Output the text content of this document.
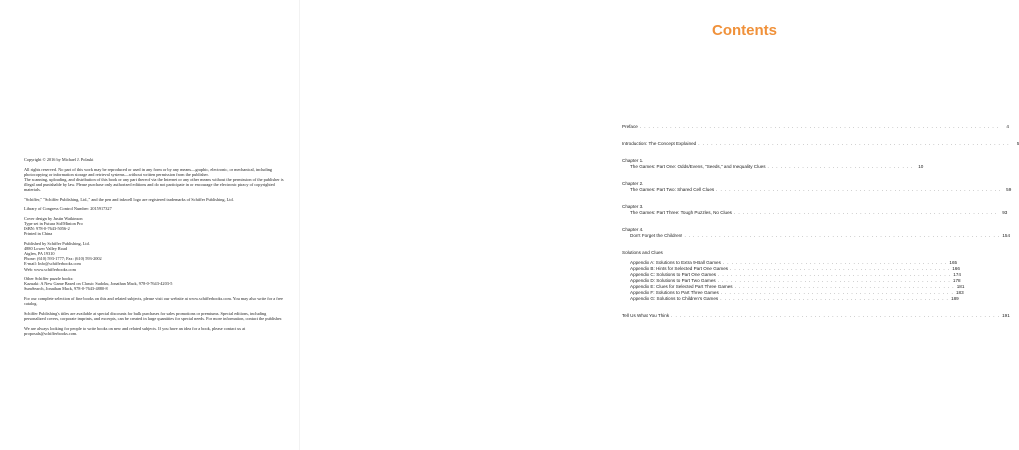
Copyright © 2016 by Michael J. Polaski

All rights reserved. No part of this work may be reproduced or used in any form or by any means—graphic, electronic, or mechanical, including photocopying or information storage and retrieval systems—without written permission from the publisher.

The scanning, uploading, and distribution of this book or any part thereof via the Internet or any other means without the permission of the publisher is illegal and punishable by law. Please purchase only authorized editions and do not participate in or encourage the electronic piracy of copyrighted materials.

"Schiffer," "Schiffer Publishing, Ltd.," and the pen and inkwell logo are registered trademarks of Schiffer Publishing, Ltd.

Library of Congress Control Number: 2015917327

Cover design by Justin Watkinson
Type set in Futura Std/Minion Pro
ISBN: 978-0-7643-5056-2
Printed in China
Published by Schiffer Publishing, Ltd.
4880 Lower Valley Road
Atglen, PA 19310
Phone: (610) 593-1777; Fax: (610) 593-2002
E-mail: Info@schifferbooks.com
Web: www.schifferbooks.com
Other Schiffer puzzle books:
Kazuaki: A New Game Based on Classic Sudoku, Jonathan Mack, 978-0-7643-4203-5
SumSearch, Jonathan Mack, 978-0-7643-4880-8

For our complete selection of fine books on this and related subjects, please visit our website at www.schifferbooks.com. You may also write for a free catalog.

Schiffer Publishing's titles are available at special discounts for bulk purchases for sales promotions or premiums. Special editions, including personalized covers, corporate imprints, and excerpts, can be created in large quantities for special needs. For more information, contact the publisher.

We are always looking for people to write books on new and related subjects. If you have an idea for a book, please contact us at proposals@schifferbooks.com.

Contents
Preface . . . . . . . . . . . . . . . . . . . . . . . . . . . . . . . . . . . . . . . . . . . . . . . . . . . . . . . . . . . . . . . . . . . . . . . . . . . . . . . . . . .	4
Introduction: The Concept Explained . . . . . . . . . . . . . . . . . . . . . . . . . . . . . . . . . . . . . . . . . . . . . . . . . . . . . . . . . . . . . . . . . . . . . . . .	5
Chapter 1.
The Games: Part One: Odds/Evens, "Seeds," and Inequality Clues . . . . . . . . . . . . . . . . . . . . . . . . . . . . . . . . . .	10
Chapter 2.
The Games: Part Two: Shared Cell Clues . . . . . . . . . . . . . . . . . . . . . . . . . . . . . . . . . . . . . . . . . . . . . . . . . . . . . . . . . . . . . . . . . .	59
Chapter 3.
The Games: Part Three: Tough Puzzles, No Clues . . . . . . . . . . . . . . . . . . . . . . . . . . . . . . . . . . . . . . . . . . . . . . . . . . . . . . . . . . . . .	93
Chapter 4.
Don't Forget the Children! . . . . . . . . . . . . . . . . . . . . . . . . . . . . . . . . . . . . . . . . . . . . . . . . . . . . . . . . . . . . . . . . . . . . . . . . . 154
Solutions and Clues
Appendix A: Solutions to Extra 9-Ball Games . . . . . . . . . . . . . . . . . . . . . . . . . . . . . . . . . . . . . . . . . . . . . . . . . . . . 165
Appendix B: Hints for Selected Part One Games . . . . . . . . . . . . . . . . . . . . . . . . . . . . . . . . . . . . . . . . . . . . . . . . . . . 166
Appendix C: Solutions to Part One Games . . . . . . . . . . . . . . . . . . . . . . . . . . . . . . . . . . . . . . . . . . . . . . . . . . . . . . 174
Appendix D: Solutions to Part Two Games . . . . . . . . . . . . . . . . . . . . . . . . . . . . . . . . . . . . . . . . . . . . . . . . . . . . . . 178
Appendix E: Clues for Selected Part Three Games . . . . . . . . . . . . . . . . . . . . . . . . . . . . . . . . . . . . . . . . . . . . . . . . . . . 181
Appendix F: Solutions to Part Three Games . . . . . . . . . . . . . . . . . . . . . . . . . . . . . . . . . . . . . . . . . . . . . . . . . . . . . . 183
Appendix G: Solutions to Children's Games . . . . . . . . . . . . . . . . . . . . . . . . . . . . . . . . . . . . . . . . . . . . . . . . . . . . . 189
Tell Us What You Think . . . . . . . . . . . . . . . . . . . . . . . . . . . . . . . . . . . . . . . . . . . . . . . . . . . . . . . . . . . . . . . . . . . . . . . . . . . . 191
